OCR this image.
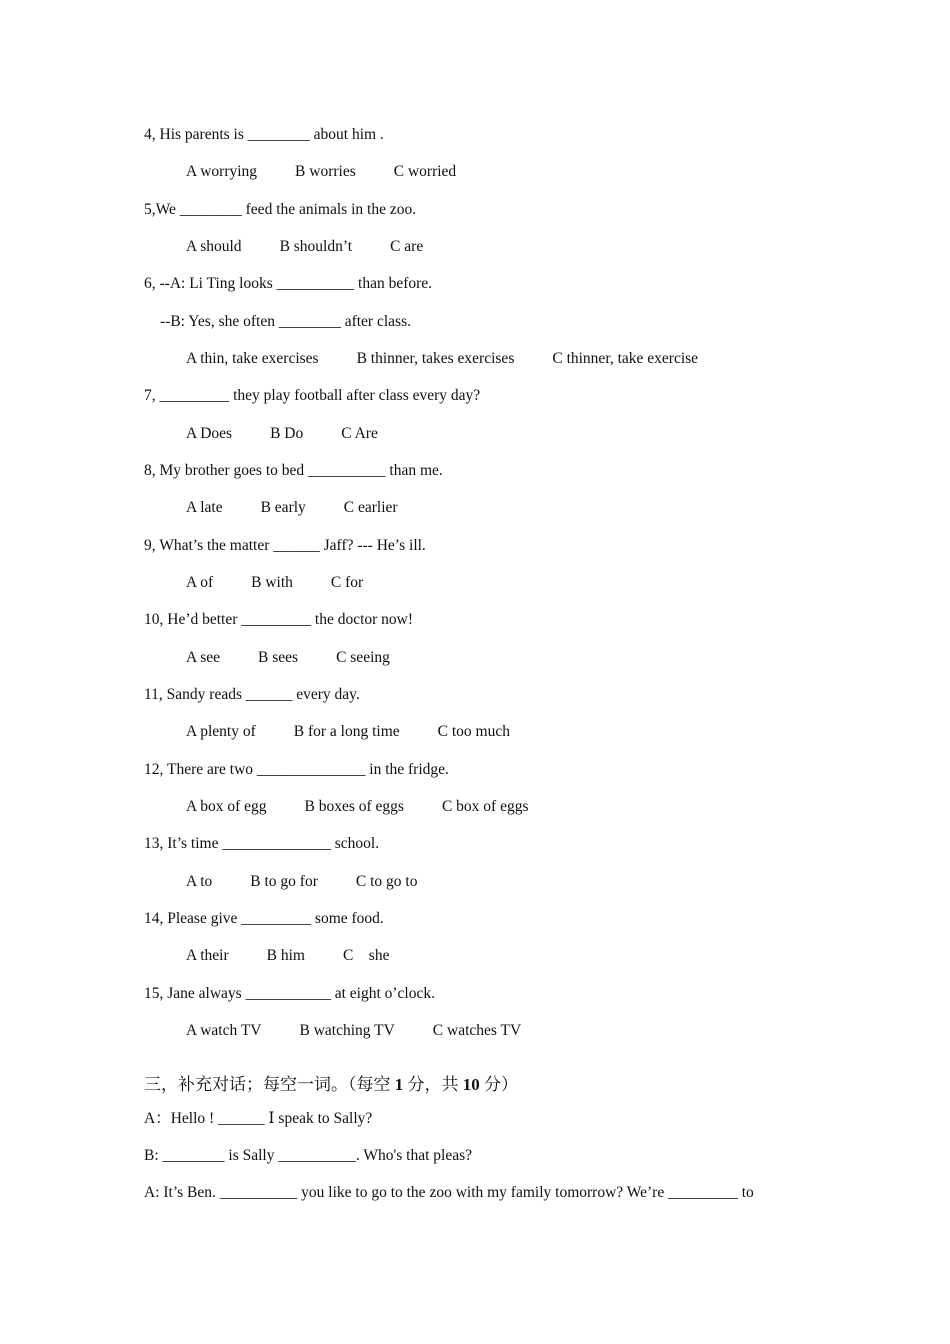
4, His parents is ________ about him .
A worrying B worries C worried
5,We ________ feed the animals in the zoo.
A should B shouldn’t C are
6, --A: Li Ting looks __________ than before.
--B: Yes, she often ________ after class.
A thin, take exercises B thinner, takes exercises C thinner, take exercise
7, _________ they play football after class every day?
A Does B Do C Are
8, My brother goes to bed __________ than me.
A late B early C earlier
9, What’s the matter ______ Jaff? --- He’s ill.
A of B with C for
10, He’d better _________ the doctor now!
A see B sees C seeing
11, Sandy reads ______ every day.
A plenty of B for a long time C too much
12, There are two ______________ in the fridge.
A box of egg B boxes of eggs C box of eggs
13, It’s time ______________ school.
A to B to go for C to go to
14, Please give _________ some food.
A their B him C    she
15, Jane always ___________ at eight o’clock.
A watch TV B watching TV C watches TV
三，补充对话；每空一词。（每空 1 分，共 10 分）
A：Hello ! ______ Ⅰ speak to Sally?
B: ________ is Sally __________. Who's that pleas?
A: It’s Ben. __________ you like to go to the zoo with my family tomorrow? We’re _________ to
